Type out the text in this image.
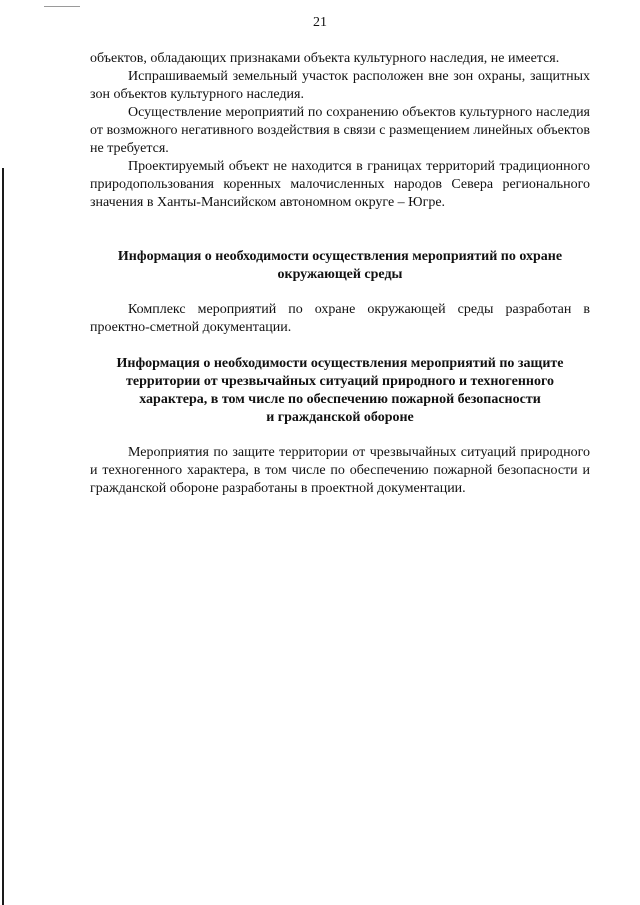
21

объектов, обладающих признаками объекта культурного наследия, не имеется.

Испрашиваемый земельный участок расположен вне зон охраны, защитных зон объектов культурного наследия.

Осуществление мероприятий по сохранению объектов культурного наследия от возможного негативного воздействия в связи с размещением линейных объектов не требуется.

Проектируемый объект не находится в границах территорий традиционного природопользования коренных малочисленных народов Севера регионального значения в Ханты-Мансийском автономном округе – Югре.

Информация о необходимости осуществления мероприятий по охране

окружающей среды

Комплекс мероприятий по охране окружающей среды разработан в проектно-сметной документации.

Информация о необходимости осуществления мероприятий по защите

территории от чрезвычайных ситуаций природного и техногенного

характера, в том числе по обеспечению пожарной безопасности

и гражданской обороне

Мероприятия по защите территории от чрезвычайных ситуаций природного и техногенного характера, в том числе по обеспечению пожарной безопасности и гражданской обороне разработаны в проектной документации.
